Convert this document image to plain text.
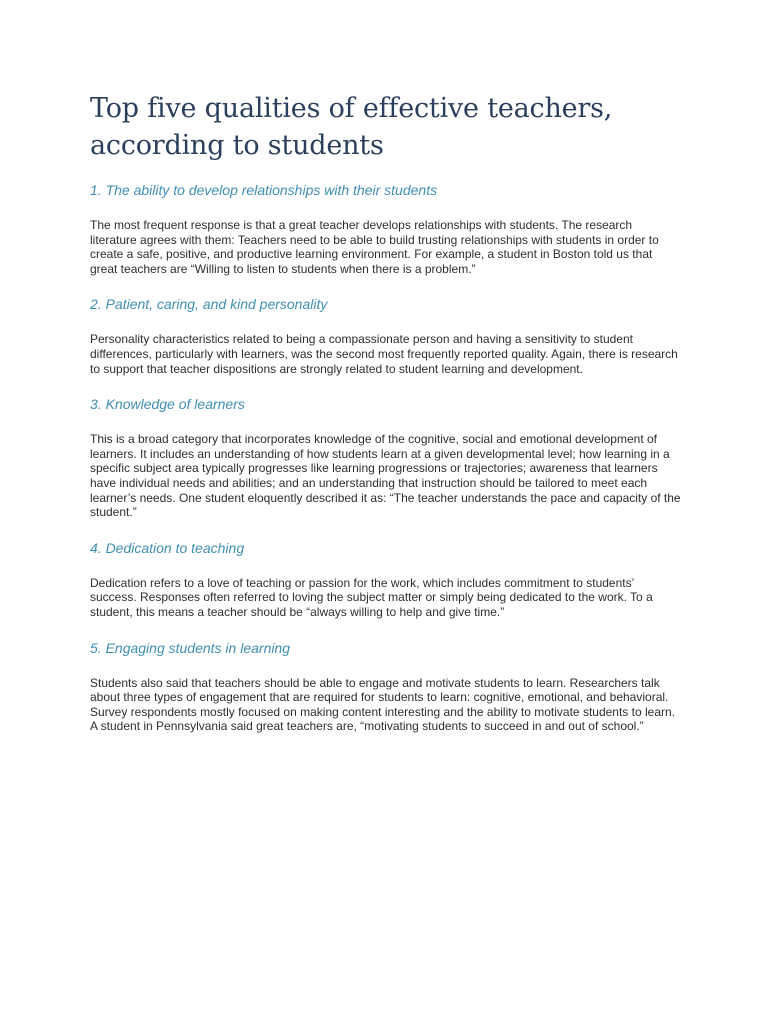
Top five qualities of effective teachers, according to students
1. The ability to develop relationships with their students

The most frequent response is that a great teacher develops relationships with students. The research literature agrees with them: Teachers need to be able to build trusting relationships with students in order to create a safe, positive, and productive learning environment. For example, a student in Boston told us that great teachers are “Willing to listen to students when there is a problem.”

2. Patient, caring, and kind personality

Personality characteristics related to being a compassionate person and having a sensitivity to student differences, particularly with learners, was the second most frequently reported quality. Again, there is research to support that teacher dispositions are strongly related to student learning and development.

3. Knowledge of learners

This is a broad category that incorporates knowledge of the cognitive, social and emotional development of learners. It includes an understanding of how students learn at a given developmental level; how learning in a specific subject area typically progresses like learning progressions or trajectories; awareness that learners have individual needs and abilities; and an understanding that instruction should be tailored to meet each learner’s needs. One student eloquently described it as: “The teacher understands the pace and capacity of the student.”

4. Dedication to teaching

Dedication refers to a love of teaching or passion for the work, which includes commitment to students’ success. Responses often referred to loving the subject matter or simply being dedicated to the work. To a student, this means a teacher should be “always willing to help and give time.”

5. Engaging students in learning

Students also said that teachers should be able to engage and motivate students to learn. Researchers talk about three types of engagement that are required for students to learn: cognitive, emotional, and behavioral. Survey respondents mostly focused on making content interesting and the ability to motivate students to learn. A student in Pennsylvania said great teachers are, “motivating students to succeed in and out of school.”
